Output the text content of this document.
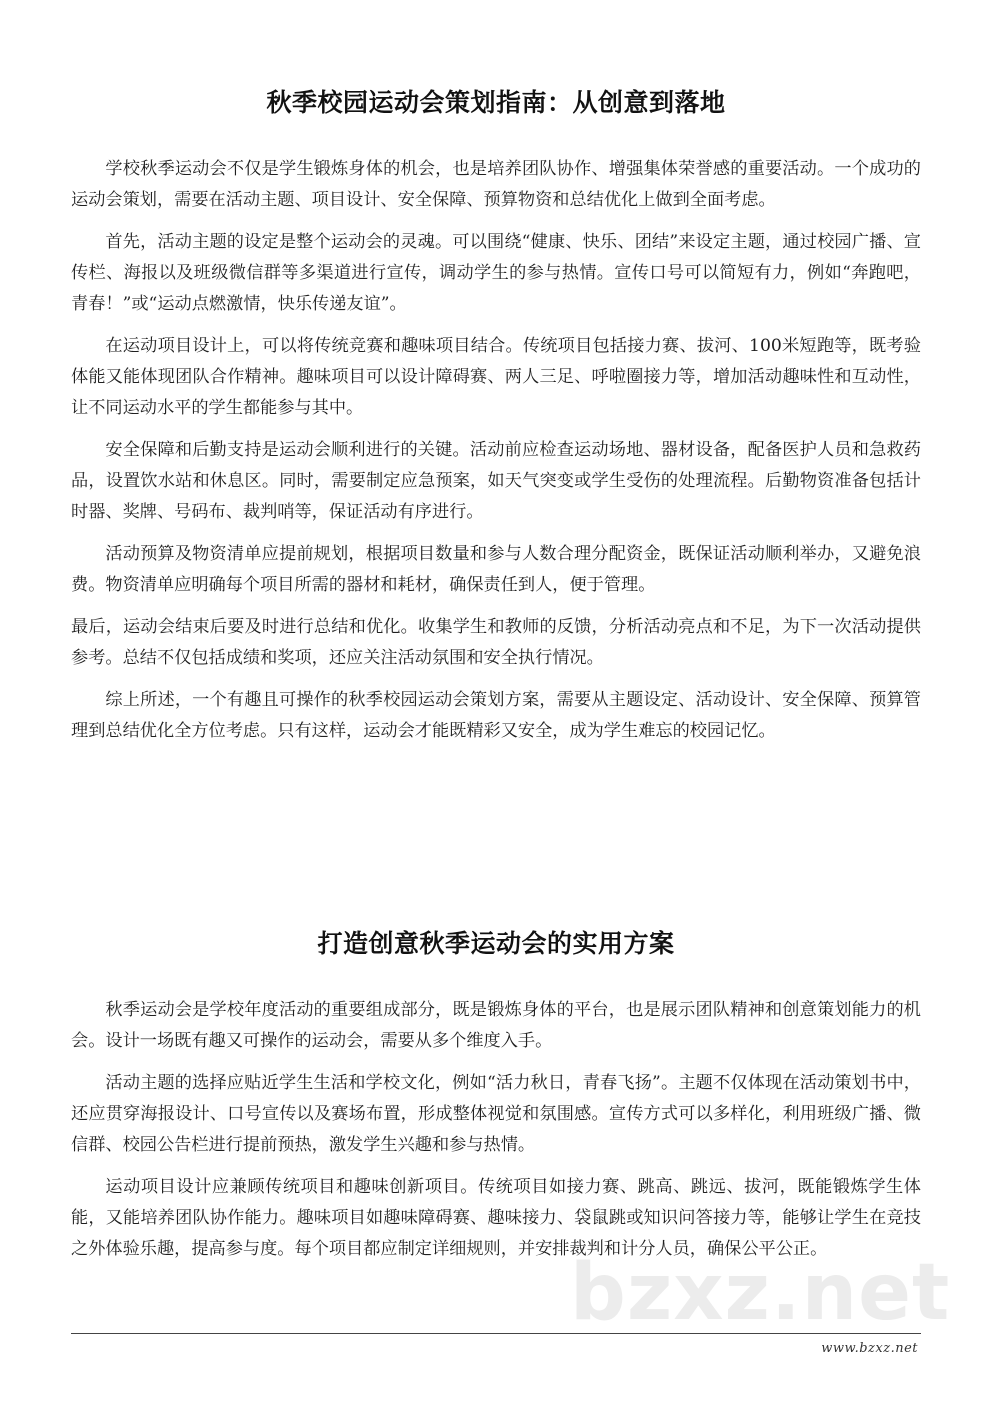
秋季校园运动会策划指南：从创意到落地

学校秋季运动会不仅是学生锻炼身体的机会，也是培养团队协作、增强集体荣誉感的重要活动。一个成功的运动会策划，需要在活动主题、项目设计、安全保障、预算物资和总结优化上做到全面考虑。

首先，活动主题的设定是整个运动会的灵魂。可以围绕“健康、快乐、团结”来设定主题，通过校园广播、宣传栏、海报以及班级微信群等多渠道进行宣传，调动学生的参与热情。宣传口号可以简短有力，例如“奔跑吧，青春！”或“运动点燃激情，快乐传递友谊”。

在运动项目设计上，可以将传统竞赛和趣味项目结合。传统项目包括接力赛、拔河、100米短跑等，既考验体能又能体现团队合作精神。趣味项目可以设计障碍赛、两人三足、呼啦圈接力等，增加活动趣味性和互动性，让不同运动水平的学生都能参与其中。

安全保障和后勤支持是运动会顺利进行的关键。活动前应检查运动场地、器材设备，配备医护人员和急救药品，设置饮水站和休息区。同时，需要制定应急预案，如天气突变或学生受伤的处理流程。后勤物资准备包括计时器、奖牌、号码布、裁判哨等，保证活动有序进行。

活动预算及物资清单应提前规划，根据项目数量和参与人数合理分配资金，既保证活动顺利举办，又避免浪费。物资清单应明确每个项目所需的器材和耗材，确保责任到人，便于管理。

最后，运动会结束后要及时进行总结和优化。收集学生和教师的反馈，分析活动亮点和不足，为下一次活动提供参考。总结不仅包括成绩和奖项，还应关注活动氛围和安全执行情况。

综上所述，一个有趣且可操作的秋季校园运动会策划方案，需要从主题设定、活动设计、安全保障、预算管理到总结优化全方位考虑。只有这样，运动会才能既精彩又安全，成为学生难忘的校园记忆。

打造创意秋季运动会的实用方案

秋季运动会是学校年度活动的重要组成部分，既是锻炼身体的平台，也是展示团队精神和创意策划能力的机会。设计一场既有趣又可操作的运动会，需要从多个维度入手。

活动主题的选择应贴近学生生活和学校文化，例如“活力秋日，青春飞扬”。主题不仅体现在活动策划书中，还应贯穿海报设计、口号宣传以及赛场布置，形成整体视觉和氛围感。宣传方式可以多样化，利用班级广播、微信群、校园公告栏进行提前预热，激发学生兴趣和参与热情。

运动项目设计应兼顾传统项目和趣味创新项目。传统项目如接力赛、跳高、跳远、拔河，既能锻炼学生体能，又能培养团队协作能力。趣味项目如趣味障碍赛、趣味接力、袋鼠跳或知识问答接力等，能够让学生在竞技之外体验乐趣，提高参与度。每个项目都应制定详细规则，并安排裁判和计分人员，确保公平公正。

bzxz.net
www.bzxz.net
